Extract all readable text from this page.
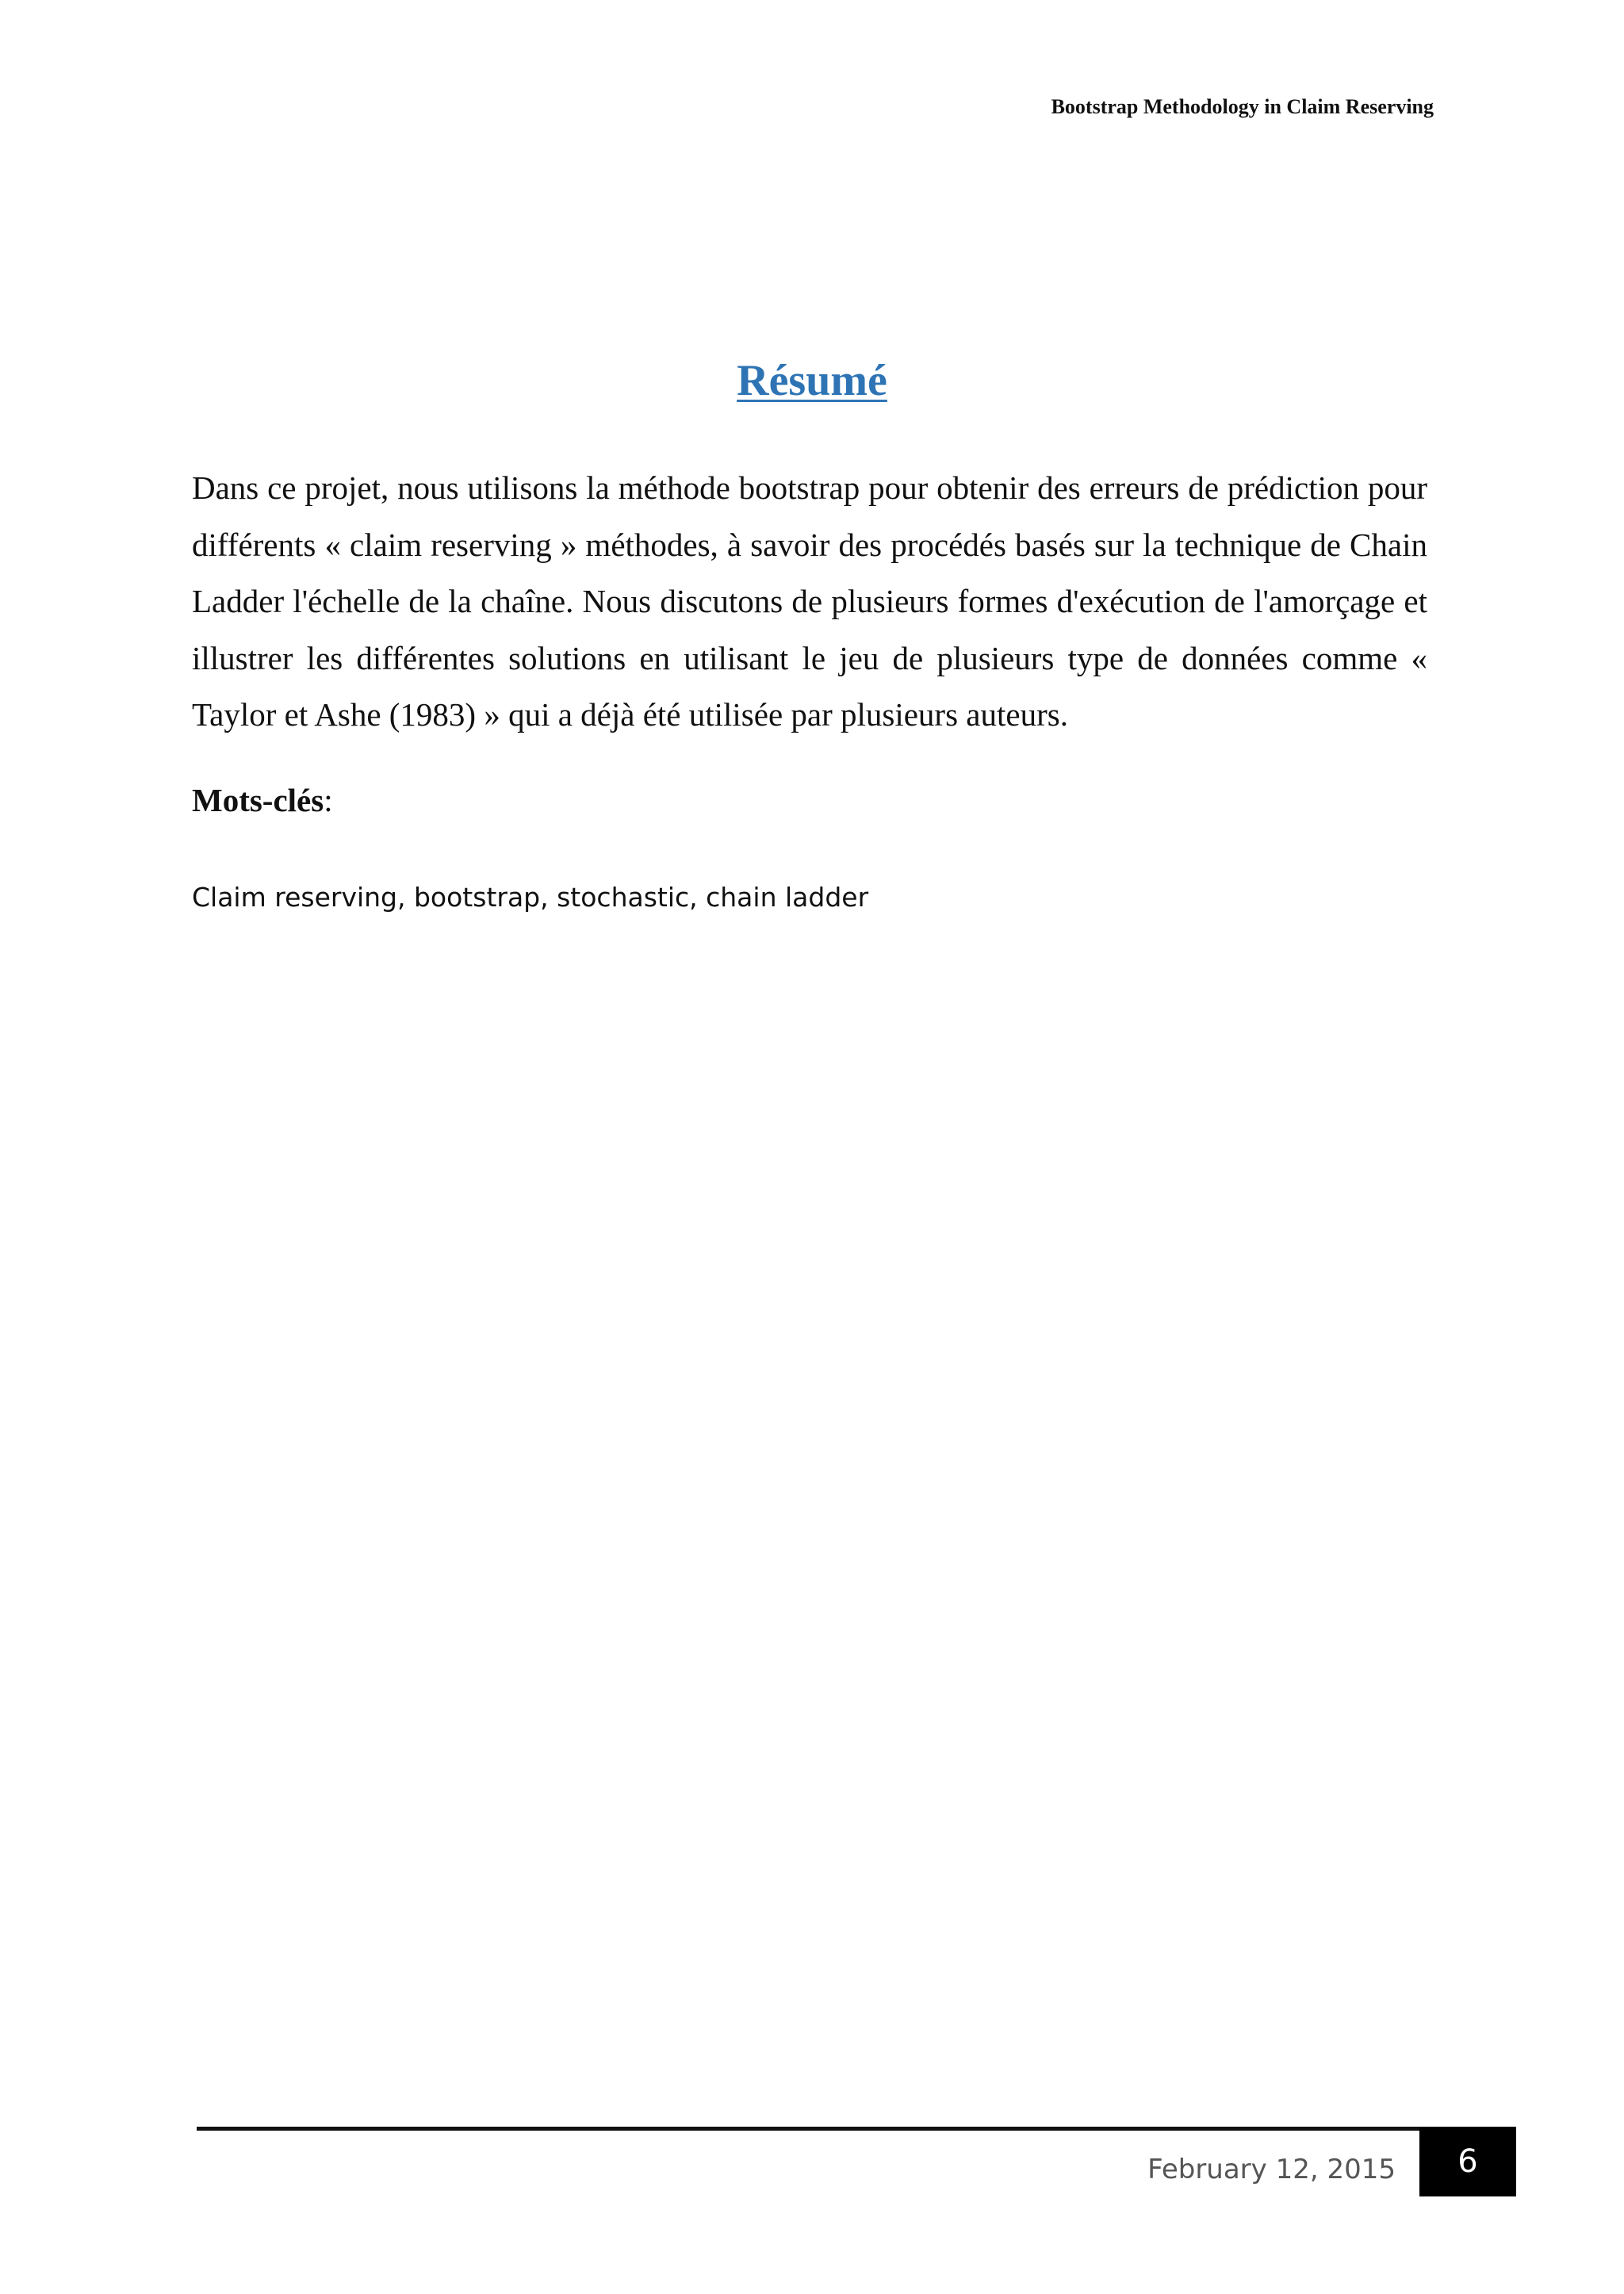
Bootstrap Methodology in Claim Reserving
Résumé

Dans ce projet, nous utilisons la méthode bootstrap pour obtenir des erreurs de prédiction pour différents « claim reserving » méthodes, à savoir des procédés basés sur la technique de Chain Ladder l'échelle de la chaîne. Nous discutons de plusieurs formes d'exécution de l'amorçage et illustrer les différentes solutions en utilisant le jeu de plusieurs type de données comme « Taylor et Ashe (1983) » qui a déjà été utilisée par plusieurs auteurs.

Mots-clés:
Claim reserving, bootstrap, stochastic, chain ladder
February 12, 2015 6
